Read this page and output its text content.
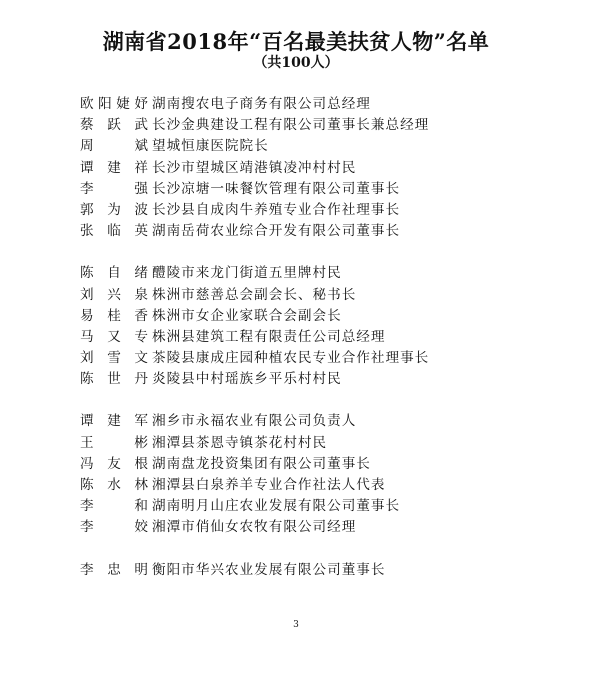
湖南省2018年“百名最美扶贫人物”名单
（共100人）
欧阳婕妤 湖南搜农电子商务有限公司总经理
蔡跃武 长沙金典建设工程有限公司董事长兼总经理
周　斌 望城恒康医院院长
谭建祥 长沙市望城区靖港镇凌冲村村民
李　强 长沙凉塘一味餐饮管理有限公司董事长
郭为波 长沙县自成肉牛养殖专业合作社理事长
张临英 湖南岳荷农业综合开发有限公司董事长
陈自绪 醴陵市来龙门街道五里牌村民
刘兴泉 株洲市慈善总会副会长、秘书长
易桂香 株洲市女企业家联合会副会长
马又专 株洲县建筑工程有限责任公司总经理
刘雪文 茶陵县康成庄园种植农民专业合作社理事长
陈世丹 炎陵县中村瑶族乡平乐村村民
谭建军 湘乡市永福农业有限公司负责人
王　彬 湘潭县茶恩寺镇茶花村村民
冯友根 湖南盘龙投资集团有限公司董事长
陈水林 湘潭县白泉养羊专业合作社法人代表
李　和 湖南明月山庄农业发展有限公司董事长
李　姣 湘潭市俏仙女农牧有限公司经理
李忠明 衡阳市华兴农业发展有限公司董事长
3
